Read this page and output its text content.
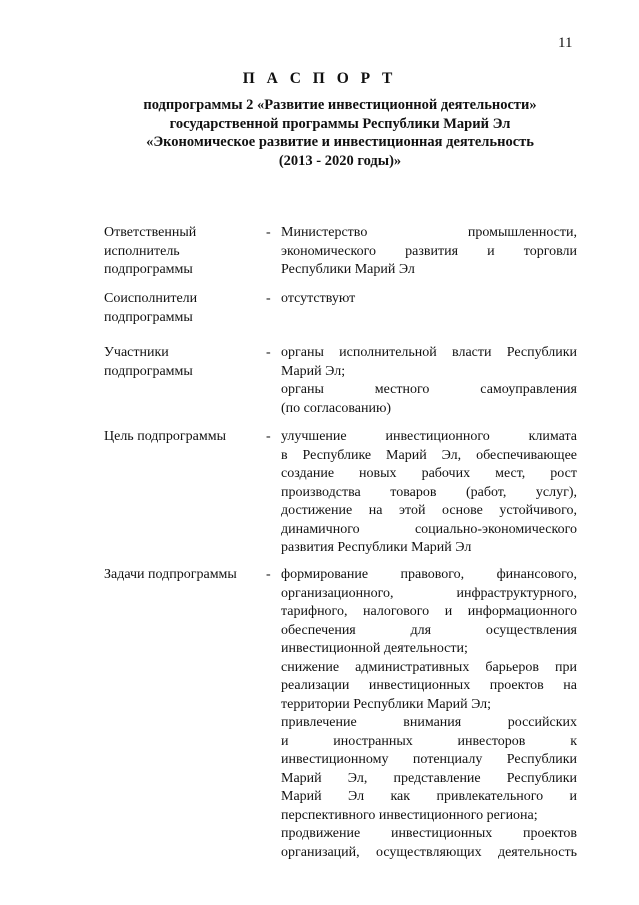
11
П А С П О Р Т
подпрограммы 2 «Развитие инвестиционной деятельности»
государственной программы Республики Марий Эл
«Экономическое развитие и инвестиционная деятельность
(2013 - 2020 годы)»
Ответственный
исполнитель
подпрограммы
- Министерство промышленности,
экономического развития и торговли
Республики Марий Эл
Соисполнители
подпрограммы
- отсутствуют
Участники
подпрограммы
- органы исполнительной власти Республики
Марий Эл;
органы местного самоуправления
(по согласованию)
Цель подпрограммы	- улучшение инвестиционного климата
в Республике Марий Эл, обеспечивающее
создание новых рабочих мест, рост
производства товаров (работ, услуг),
достижение на этой основе устойчивого,
динамичного социально-экономического
развития Республики Марий Эл
Задачи подпрограммы	- формирование правового, финансового,
организационного, инфраструктурного,
тарифного, налогового и информационного
обеспечения для осуществления
инвестиционной деятельности;
снижение административных барьеров при
реализации инвестиционных проектов на
территории Республики Марий Эл;
привлечение внимания российских
и иностранных инвесторов к
инвестиционному потенциалу Республики
Марий Эл, представление Республики
Марий Эл как привлекательного и
перспективного инвестиционного региона;
продвижение инвестиционных проектов
организаций, осуществляющих деятельность
